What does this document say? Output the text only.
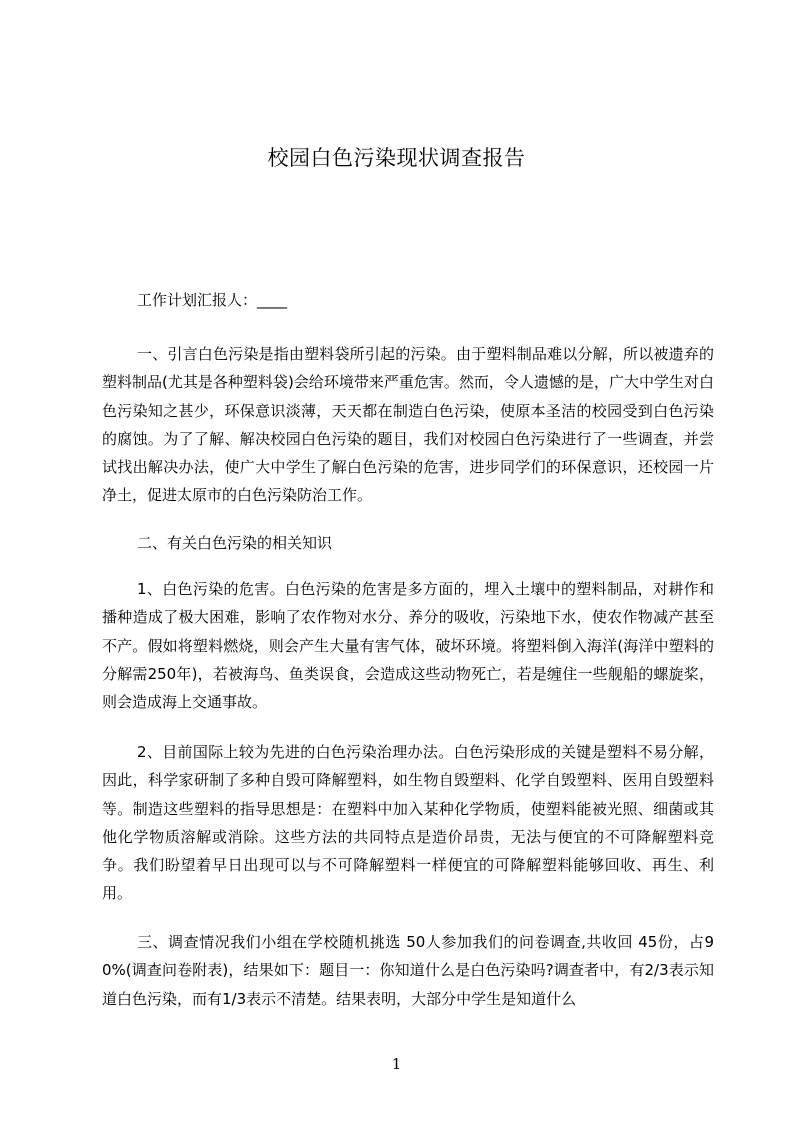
校园白色污染现状调查报告

工作计划汇报人：____

一、引言白色污染是指由塑料袋所引起的污染。由于塑料制品难以分解，所以被遗弃的塑料制品(尤其是各种塑料袋)会给环境带来严重危害。然而，令人遗憾的是，广大中学生对白色污染知之甚少，环保意识淡薄，天天都在制造白色污染，使原本圣洁的校园受到白色污染的腐蚀。为了了解、解决校园白色污染的题目，我们对校园白色污染进行了一些调查，并尝试找出解决办法，使广大中学生了解白色污染的危害，进步同学们的环保意识，还校园一片净土，促进太原市的白色污染防治工作。

二、有关白色污染的相关知识

1、白色污染的危害。白色污染的危害是多方面的，埋入土壤中的塑料制品，对耕作和播种造成了极大困难，影响了农作物对水分、养分的吸收，污染地下水，使农作物减产甚至不产。假如将塑料燃烧，则会产生大量有害气体，破坏环境。将塑料倒入海洋(海洋中塑料的分解需250年)，若被海鸟、鱼类误食，会造成这些动物死亡，若是缠住一些舰船的螺旋桨，则会造成海上交通事故。

2、目前国际上较为先进的白色污染治理办法。白色污染形成的关键是塑料不易分解，因此，科学家研制了多种自毁可降解塑料，如生物自毁塑料、化学自毁塑料、医用自毁塑料等。制造这些塑料的指导思想是：在塑料中加入某种化学物质，使塑料能被光照、细菌或其他化学物质溶解或消除。这些方法的共同特点是造价昂贵，无法与便宜的不可降解塑料竞争。我们盼望着早日出现可以与不可降解塑料一样便宜的可降解塑料能够回收、再生、利用。

三、调查情况我们小组在学校随机挑选 50人参加我们的问卷调查,共收回 45份，占90%(调查问卷附表)，结果如下：题目一：你知道什么是白色污染吗?调查者中，有2/3表示知道白色污染，而有1/3表示不清楚。结果表明，大部分中学生是知道什么

1
